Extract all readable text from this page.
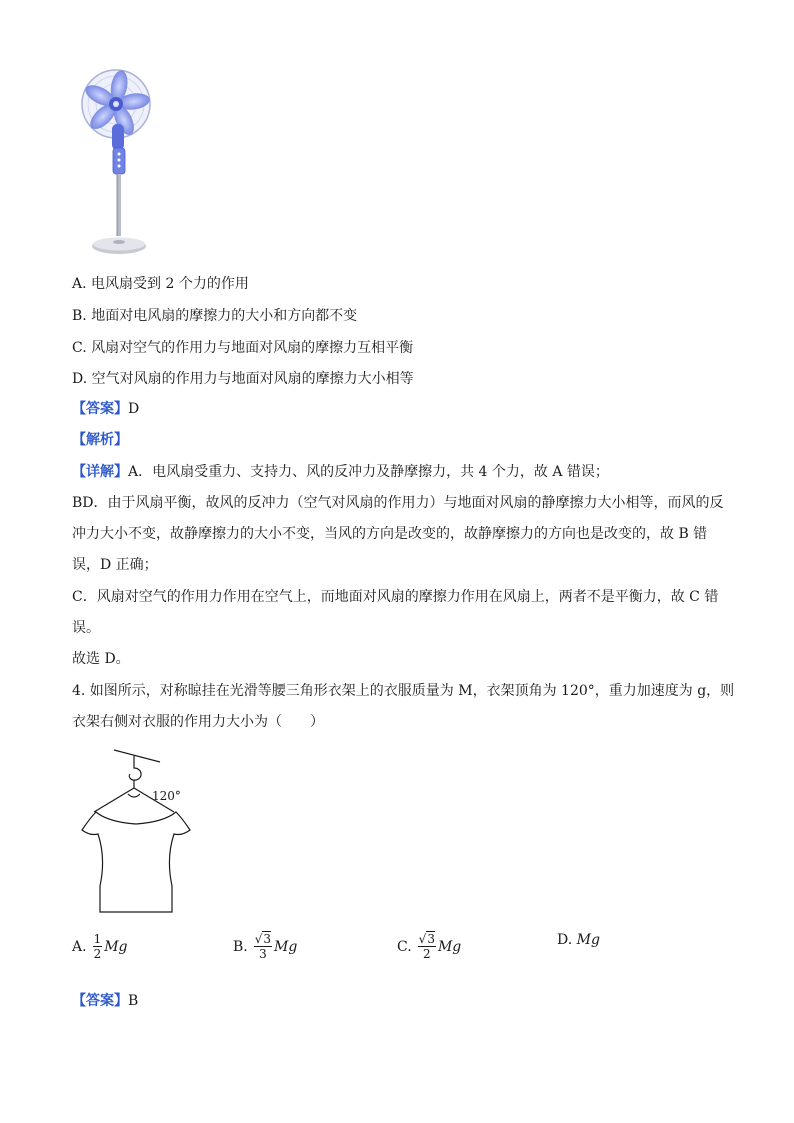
A. 电风扇受到 2 个力的作用
B. 地面对电风扇的摩擦力的大小和方向都不变
C. 风扇对空气的作用力与地面对风扇的摩擦力互相平衡
D. 空气对风扇的作用力与地面对风扇的摩擦力大小相等
【答案】D
【解析】
【详解】A．电风扇受重力、支持力、风的反冲力及静摩擦力，共 4 个力，故 A 错误；
BD．由于风扇平衡，故风的反冲力（空气对风扇的作用力）与地面对风扇的静摩擦力大小相等，而风的反
冲力大小不变，故静摩擦力的大小不变，当风的方向是改变的，故静摩擦力的方向也是改变的，故 B 错
误，D 正确；
C．风扇对空气的作用力作用在空气上，而地面对风扇的摩擦力作用在风扇上，两者不是平衡力，故 C 错
误。
故选 D。
4. 如图所示，对称晾挂在光滑等腰三角形衣架上的衣服质量为 M，衣架顶角为 120°，重力加速度为 g，则
衣架右侧对衣服的作用力大小为（　　）
120°
A. $\frac{1}{2}$ Mg	B. $\frac{√3}{3}$ Mg	C. $\frac{√3}{2}$ Mg	D.
Mg
【答案】B
